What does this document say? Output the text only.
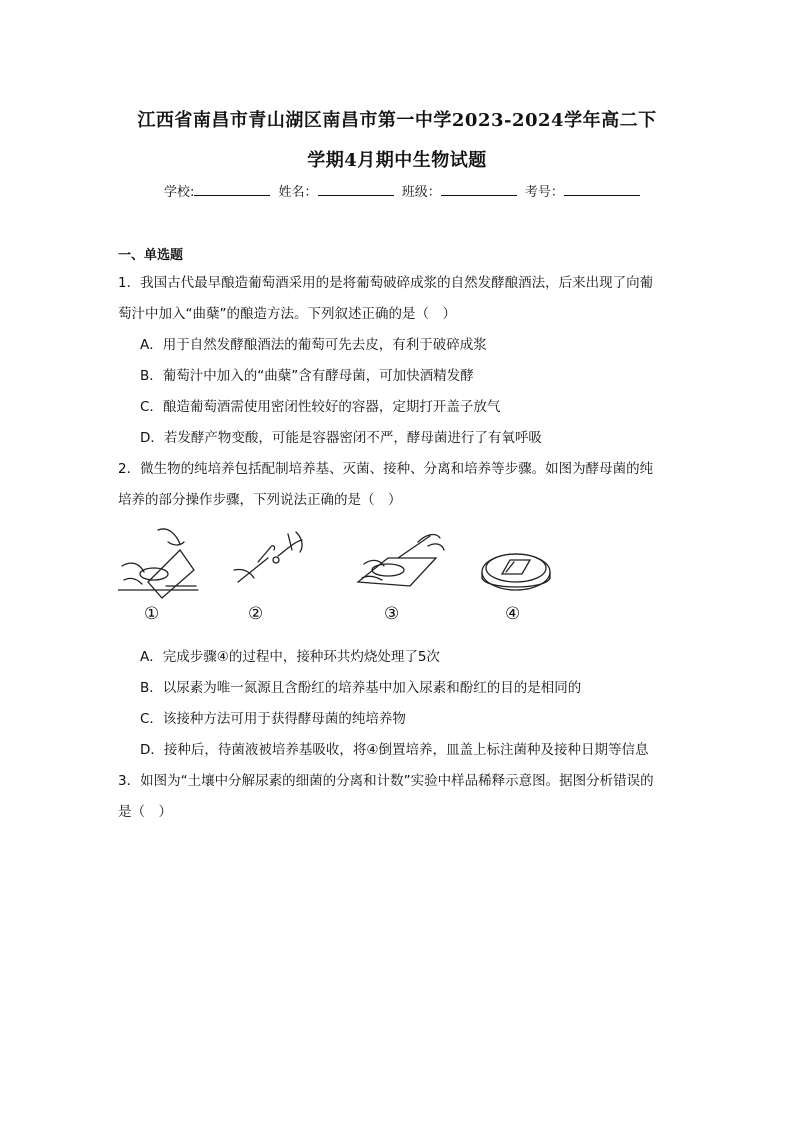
江西省南昌市青山湖区南昌市第一中学2023-2024学年高二下
学期4月期中生物试题
学校:	姓名：	班级：	考号：
一、单选题
1．我国古代最早酿造葡萄酒采用的是将葡萄破碎成浆的自然发酵酿酒法，后来出现了向葡
萄汁中加入“曲蘖”的酿造方法。下列叙述正确的是（　）
A．用于自然发酵酿酒法的葡萄可先去皮，有利于破碎成浆
B．葡萄汁中加入的“曲蘖”含有酵母菌，可加快酒精发酵
C．酿造葡萄酒需使用密闭性较好的容器，定期打开盖子放气
D．若发酵产物变酸，可能是容器密闭不严，酵母菌进行了有氧呼吸
2．微生物的纯培养包括配制培养基、灭菌、接种、分离和培养等步骤。如图为酵母菌的纯
培养的部分操作步骤，下列说法正确的是（　）
①	②	③	④
A．完成步骤④的过程中，接种环共灼烧处理了5次
B．以尿素为唯一氮源且含酚红的培养基中加入尿素和酚红的目的是相同的
C．该接种方法可用于获得酵母菌的纯培养物
D．接种后，待菌液被培养基吸收，将④倒置培养，皿盖上标注菌种及接种日期等信息
3．如图为“土壤中分解尿素的细菌的分离和计数”实验中样品稀释示意图。据图分析错误的
是（　）
